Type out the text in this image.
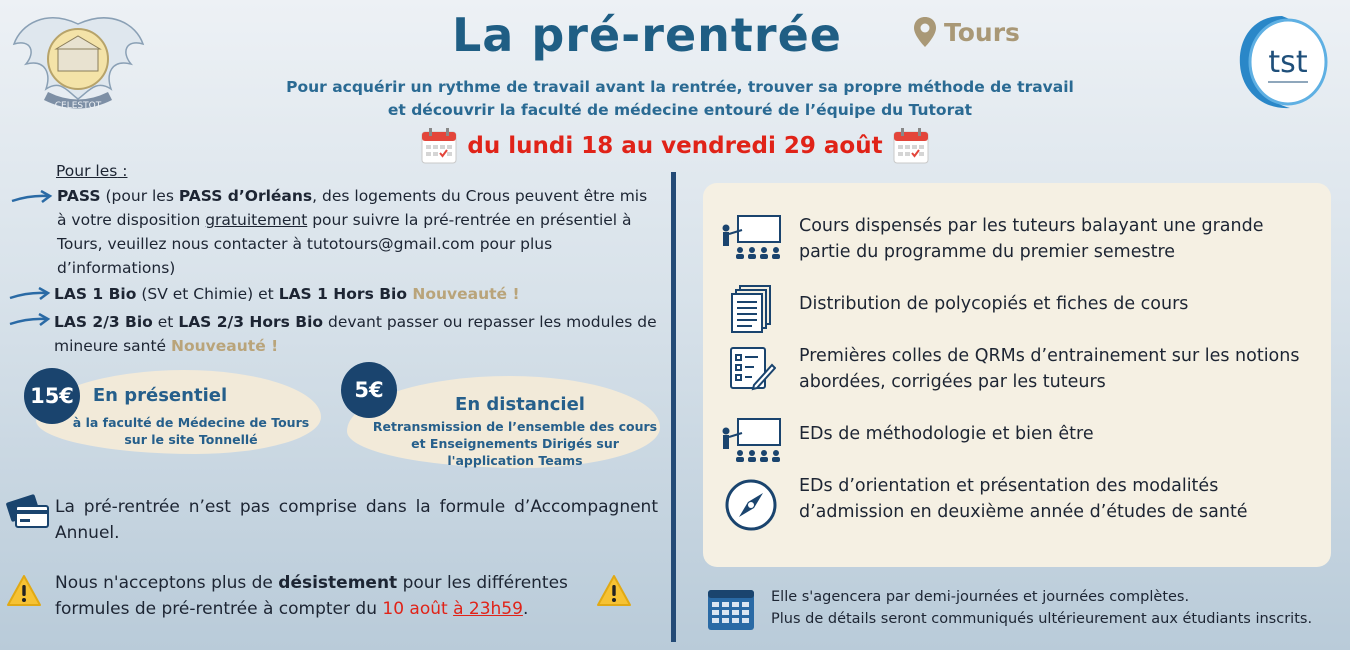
CELESTOT
tst
La pré-rentrée	Tours
Pour acquérir un rythme de travail avant la rentrée, trouver sa propre méthode de travail
et découvrir la faculté de médecine entouré de l’équipe du Tutorat
du lundi 18 au vendredi 29 août
Pour les :
PASS (pour les PASS d’Orléans, des logements du Crous peuvent être mis à votre disposition gratuitement pour suivre la pré-rentrée en présentiel à Tours, veuillez nous contacter à tutotours@gmail.com pour plus d’informations)
LAS 1 Bio (SV et Chimie) et LAS 1 Hors Bio Nouveauté !
LAS 2/3 Bio et LAS 2/3 Hors Bio devant passer ou repasser les modules de mineure santé Nouveauté !
15€	5€
En présentiel
à la faculté de Médecine de Tours
sur le site Tonnellé
En distanciel
Retransmission de l’ensemble des cours
et Enseignements Dirigés sur
l'application Teams
La pré-rentrée n’est pas comprise dans la formule d’Accompagnent Annuel.
Nous n'acceptons plus de désistement pour les différentes formules de pré-rentrée à compter du 10 août à 23h59.
Cours dispensés par les tuteurs balayant une grande partie du programme du premier semestre
Distribution de polycopiés et fiches de cours
Premières colles de QRMs d’entrainement sur les notions abordées, corrigées par les tuteurs
EDs de méthodologie et bien être
EDs d’orientation et présentation des modalités d’admission en deuxième année d’études de santé
Elle s'agencera par demi-journées et journées complètes.
Plus de détails seront communiqués ultérieurement aux étudiants inscrits.
